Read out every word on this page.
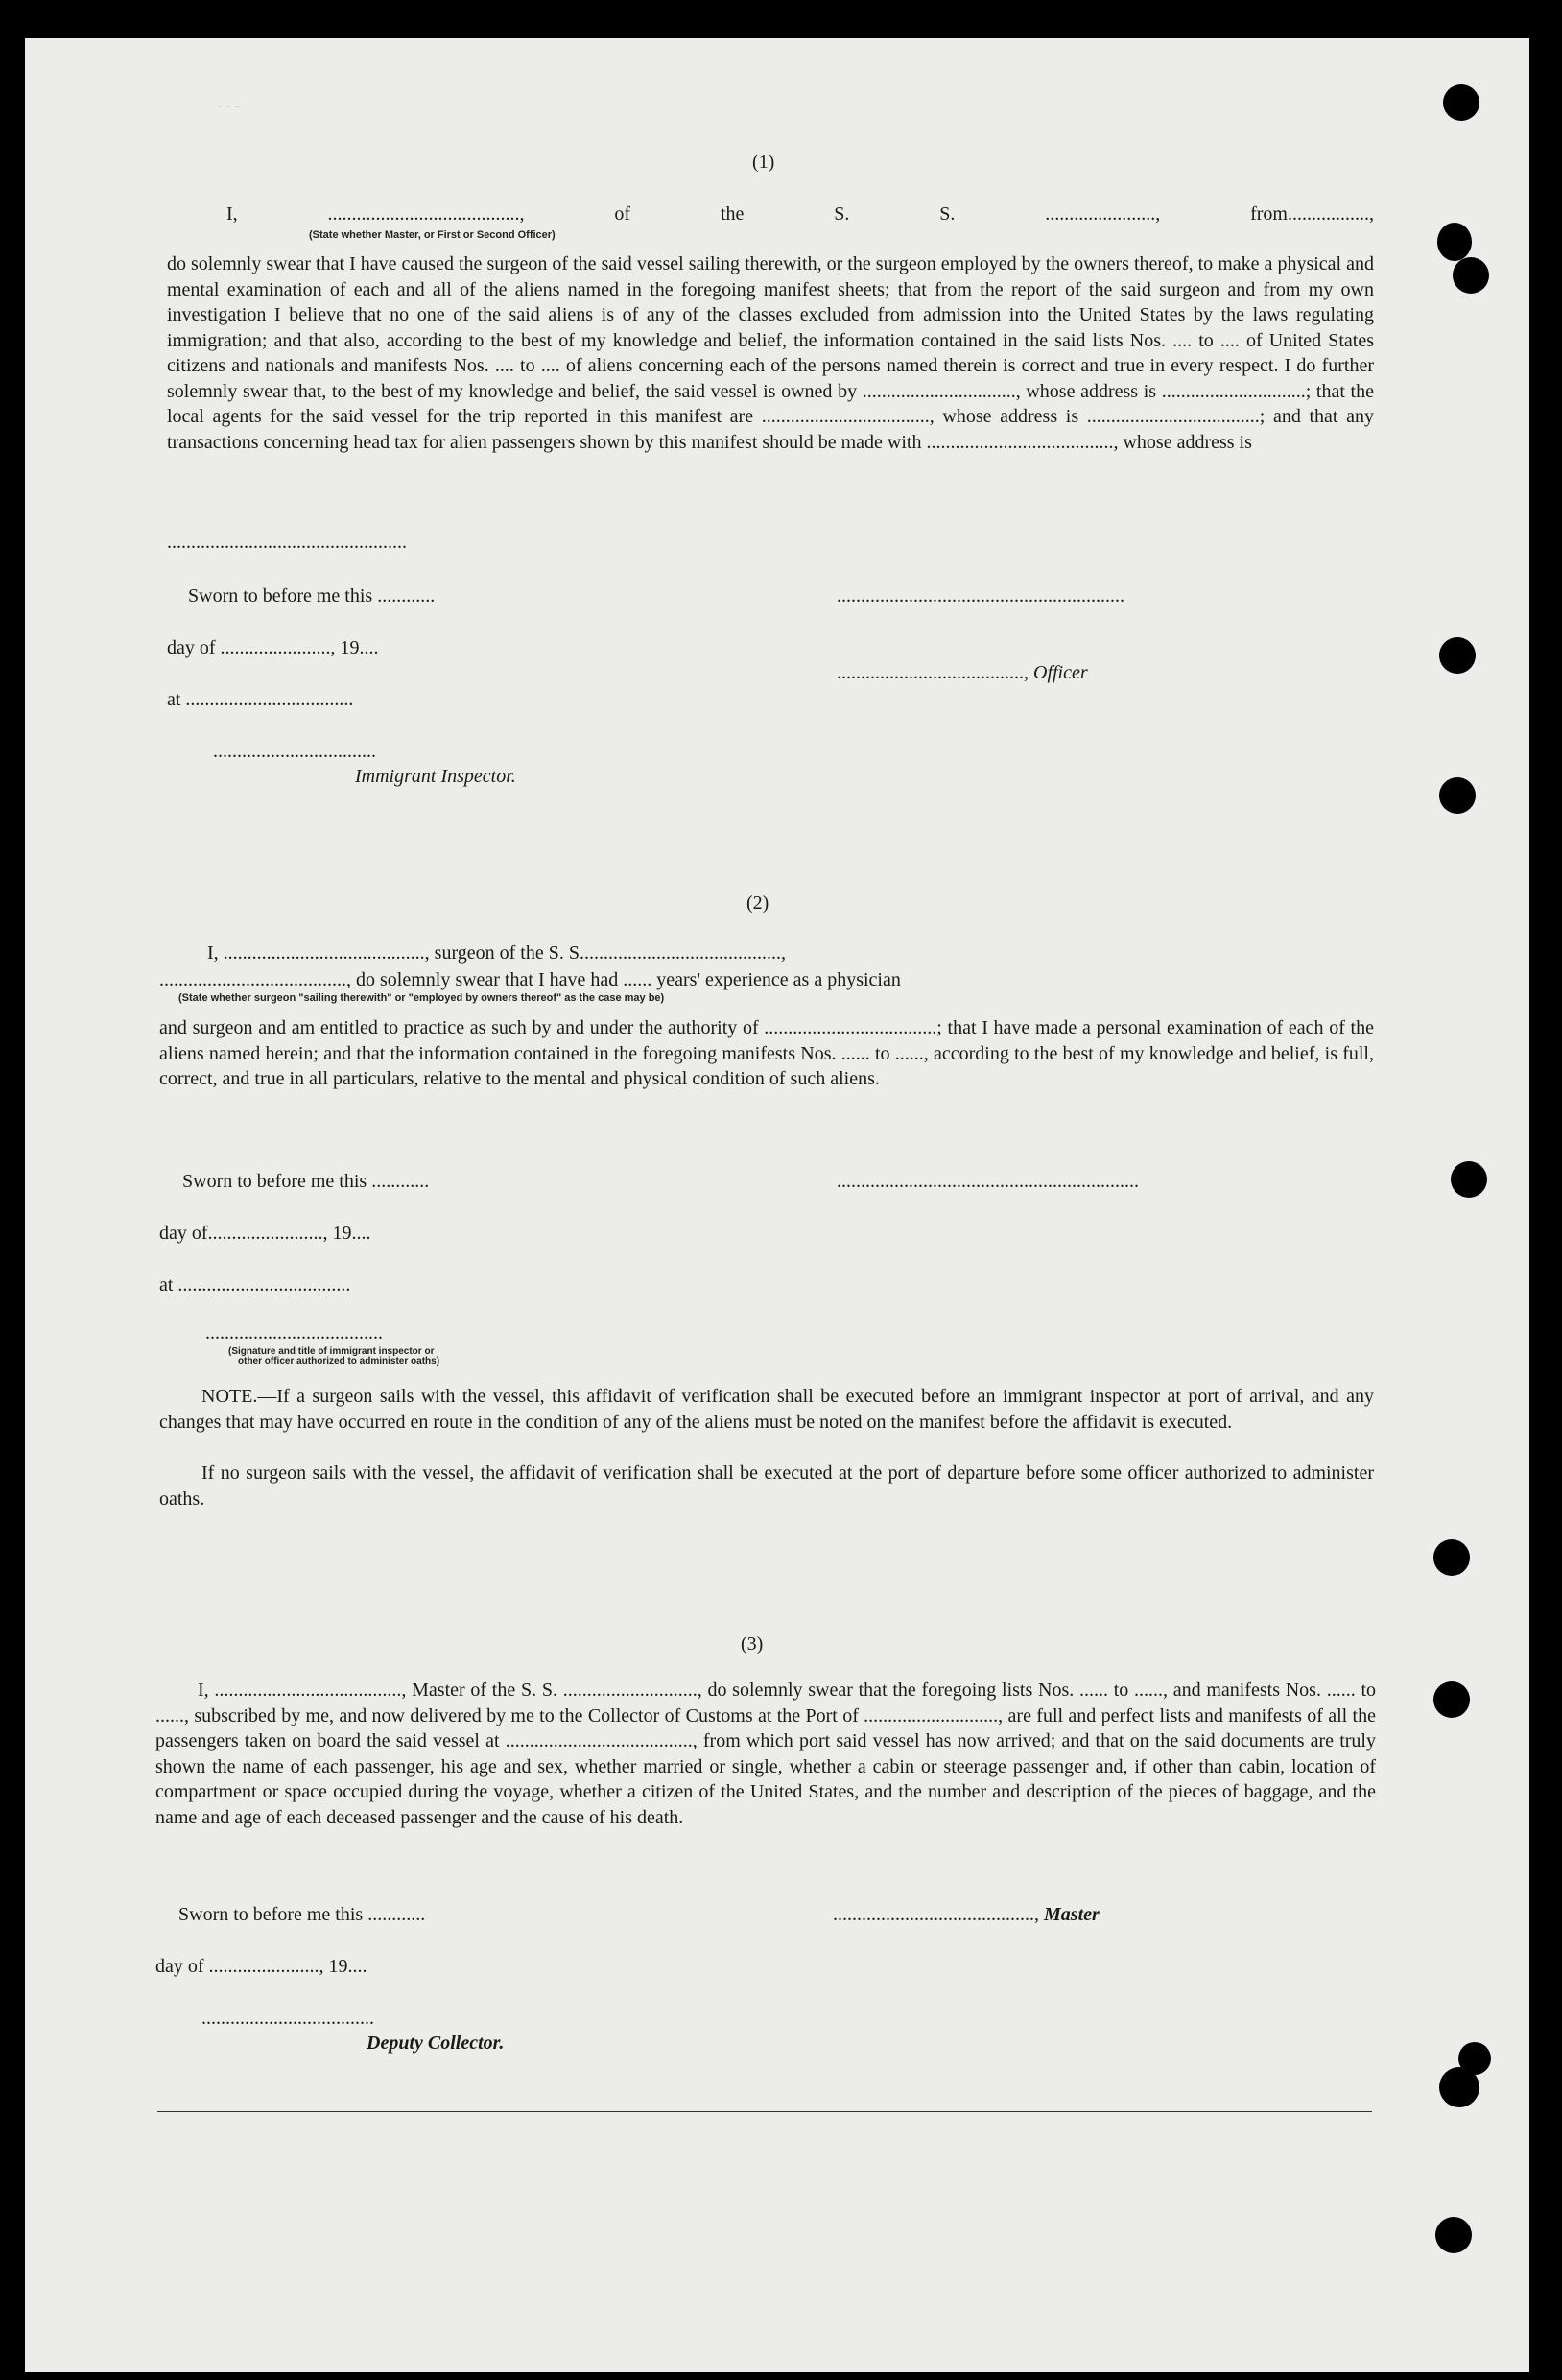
- - -
(1)
I, ........................................, of the S. S. ......................., from.................,
(State whether Master, or First or Second Officer)
do solemnly swear that I have caused the surgeon of the said vessel sailing therewith, or the surgeon employed by the owners thereof, to make a physical and mental examination of each and all of the aliens named in the foregoing manifest sheets; that from the report of the said surgeon and from my own investigation I believe that no one of the said aliens is of any of the classes excluded from admission into the United States by the laws regulating immigration; and that also, according to the best of my knowledge and belief, the information contained in the said lists Nos. .... to .... of United States citizens and nationals and manifests Nos. .... to .... of aliens concerning each of the persons named therein is correct and true in every respect. I do further solemnly swear that, to the best of my knowledge and belief, the said vessel is owned by ................................, whose address is ..............................; that the local agents for the said vessel for the trip reported in this manifest are ..................................., whose address is ....................................; and that any transactions concerning head tax for alien passengers shown by this manifest should be made with ......................................., whose address is
..................................................
Sworn to before me this ............	............................................................
day of ......................., 19....
......................................., Officer
at ...................................
..................................
Immigrant Inspector.
(2)
I, .........................................., surgeon of the S. S..........................................,
......................................., do solemnly swear that I have had ...... years' experience as a physician
(State whether surgeon "sailing therewith" or "employed by owners thereof" as the case may be)
and surgeon and am entitled to practice as such by and under the authority of ....................................; that I have made a personal examination of each of the aliens named herein; and that the information contained in the foregoing manifests Nos. ...... to ......, according to the best of my knowledge and belief, is full, correct, and true in all particulars, relative to the mental and physical condition of such aliens.
Sworn to before me this ............	...............................................................
day of........................, 19....
at ....................................
.....................................
(Signature and title of immigrant inspector or
other officer authorized to administer oaths)
NOTE.—If a surgeon sails with the vessel, this affidavit of verification shall be executed before an immigrant inspector at port of arrival, and any changes that may have occurred en route in the condition of any of the aliens must be noted on the manifest before the affidavit is executed.
If no surgeon sails with the vessel, the affidavit of verification shall be executed at the port of departure before some officer authorized to administer oaths.
(3)
I, ......................................., Master of the S. S. ............................, do solemnly swear that the foregoing lists Nos. ...... to ......, and manifests Nos. ...... to ......, subscribed by me, and now delivered by me to the Collector of Customs at the Port of ............................, are full and perfect lists and manifests of all the passengers taken on board the said vessel at ......................................., from which port said vessel has now arrived; and that on the said documents are truly shown the name of each passenger, his age and sex, whether married or single, whether a cabin or steerage passenger and, if other than cabin, location of compartment or space occupied during the voyage, whether a citizen of the United States, and the number and description of the pieces of baggage, and the name and age of each deceased passenger and the cause of his death.
Sworn to before me this ............	.........................................., Master
day of ......................., 19....
....................................
Deputy Collector.
